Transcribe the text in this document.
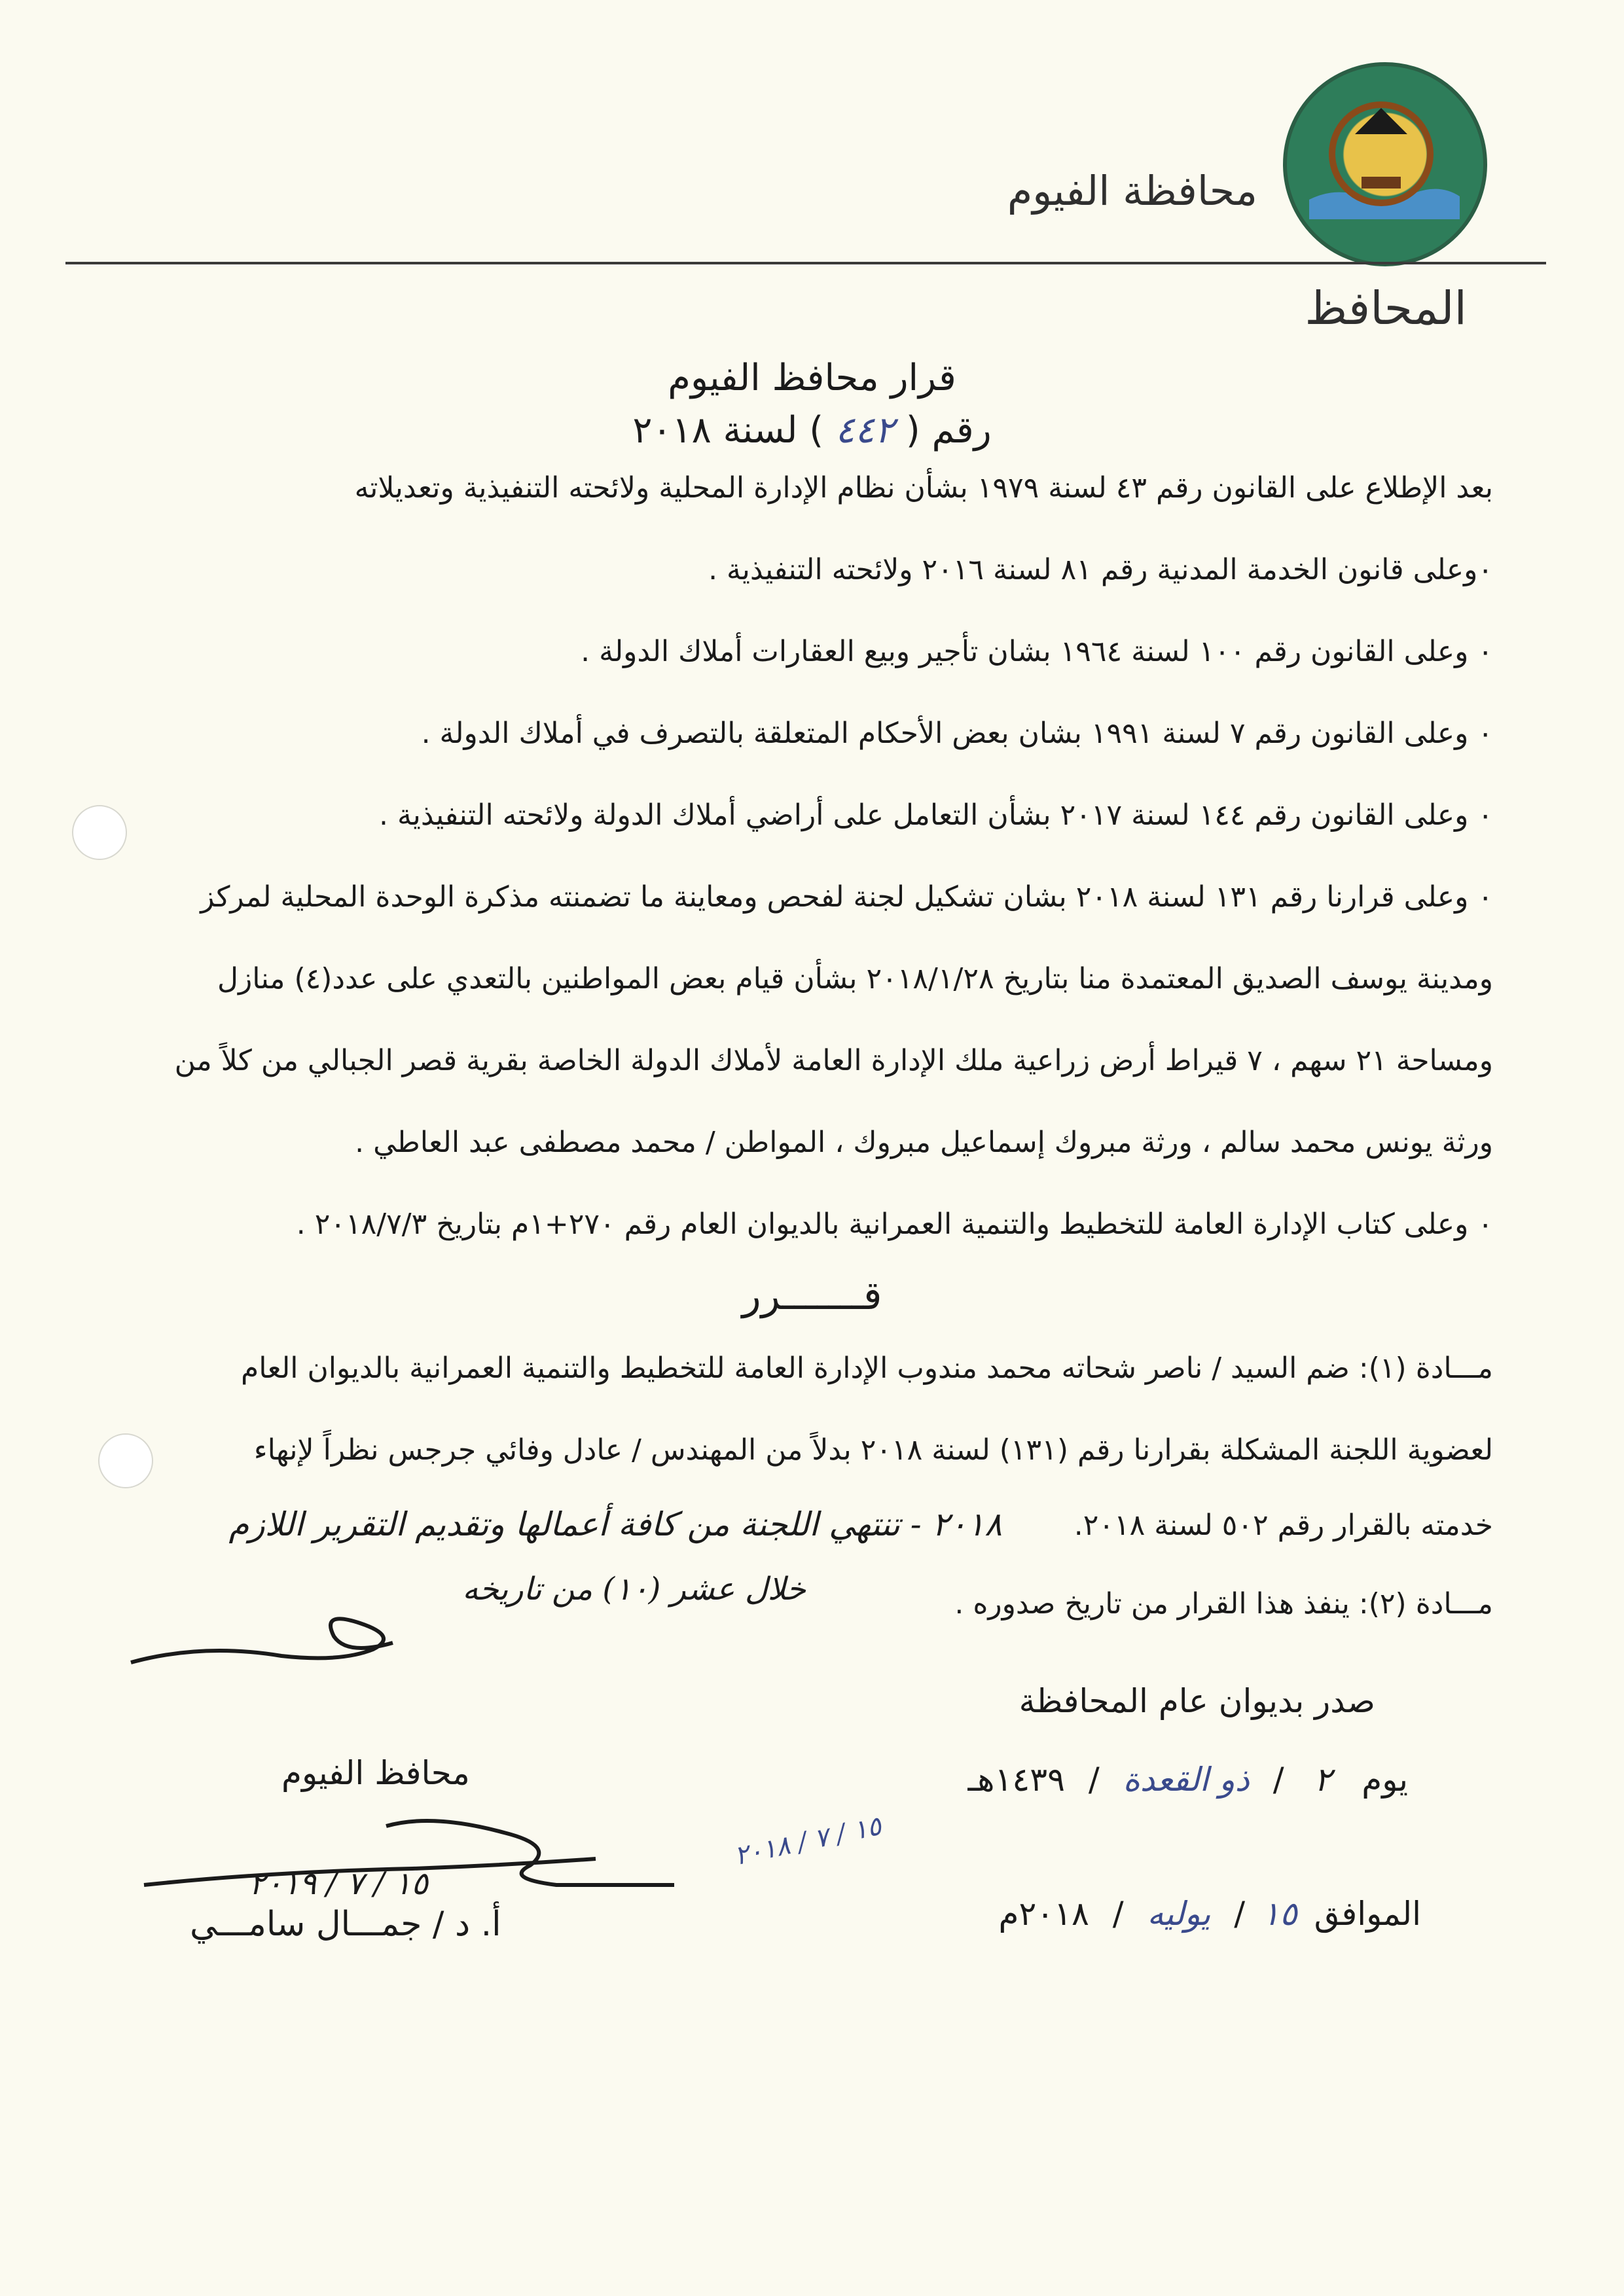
محافظة الفيوم
المحافظ
قرار محافظ الفيوم
رقم ( ٤٤٢ ) لسنة ٢٠١٨
بعد الإطلاع على القانون رقم ٤٣ لسنة ١٩٧٩ بشأن نظام الإدارة المحلية ولائحته التنفيذية وتعديلاته
٠وعلى قانون الخدمة المدنية رقم ٨١ لسنة ٢٠١٦ ولائحته التنفيذية .
٠ وعلى القانون رقم ١٠٠ لسنة ١٩٦٤ بشان تأجير وبيع العقارات أملاك الدولة .
٠ وعلى القانون رقم ٧ لسنة ١٩٩١ بشان بعض الأحكام المتعلقة بالتصرف في أملاك الدولة .
٠ وعلى القانون رقم ١٤٤ لسنة ٢٠١٧ بشأن التعامل على أراضي أملاك الدولة ولائحته التنفيذية .
٠ وعلى قرارنا رقم ١٣١ لسنة ٢٠١٨ بشان تشكيل لجنة لفحص ومعاينة ما تضمنته مذكرة الوحدة المحلية لمركز
ومدينة يوسف الصديق المعتمدة منا بتاريخ ٢٠١٨/١/٢٨ بشأن قيام بعض المواطنين بالتعدي على عدد(٤) منازل
ومساحة ٢١ سهم ، ٧ قيراط أرض زراعية ملك الإدارة العامة لأملاك الدولة الخاصة بقرية قصر الجبالي من كلاً من
ورثة يونس محمد سالم ، ورثة مبروك إسماعيل مبروك ، المواطن / محمد مصطفى عبد العاطي .
٠ وعلى كتاب الإدارة العامة للتخطيط والتنمية العمرانية بالديوان العام رقم ٢٧٠+١م بتاريخ ٢٠١٨/٧/٣ .
قـــــــرر
مـــادة (١): ضم السيد / ناصر شحاته محمد مندوب الإدارة العامة للتخطيط والتنمية العمرانية بالديوان العام
لعضوية اللجنة المشكلة بقرارنا رقم (١٣١) لسنة ٢٠١٨ بدلاً من المهندس / عادل وفائي جرجس نظراً لإنهاء
خدمته بالقرار رقم ٥٠٢ لسنة ٢٠١٨.
٢٠١٨ - تنتهي اللجنة من كافة أعمالها وتقديم التقرير اللازم
خلال عشر (١٠) من تاريخه	مـــادة (٢): ينفذ هذا القرار من تاريخ صدوره .
صدر بديوان عام المحافظة
يوم ٢ / ذو القعدة / ١٤٣٩هـ
الموافق ١٥ / يوليه / ٢٠١٨م
١٥ / ٧ / ٢٠١٨
محافظ الفيوم
١٥ / ٧ / ٢٠١٩
أ. د / جمـــال سامـــي
